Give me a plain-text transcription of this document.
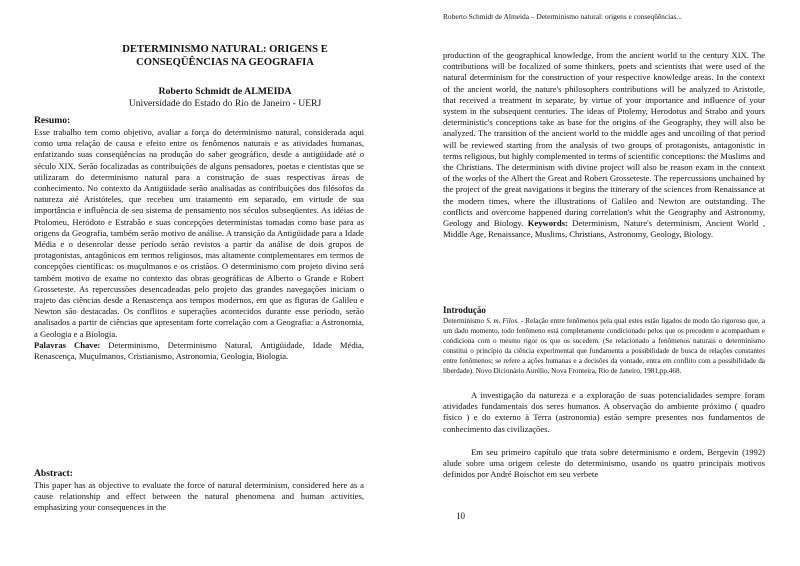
DETERMINISMO NATURAL: ORIGENS E CONSEQÜÊNCIAS NA GEOGRAFIA

Roberto Schmidt de ALMEIDA
Universidade do Estado do Rio de Janeiro - UERJ
Resumo:

Esse trabalho tem como objetivo, avaliar a força do determinismo natural, considerada aqui como uma relação de causa e efeito entre os fenômenos naturais e as atividades humanas, enfatizando suas conseqüências na produção do saber geográfico, desde a antigüidade até o século XIX. Serão focalizadas as contribuições de alguns pensadores, poetas e cientistas que se utilizaram do determinismo natural para a construção de suas respectivas áreas de conhecimento. No contexto da Antigüidade serão analisadas as contribuições dos filósofos da natureza até Aristóteles, que recebeu um tratamento em separado, em virtude de sua importância e influência de seu sistema de pensamento nos séculos subseqüentes. As idéias de Ptolomeu, Heródoto e Estrabão e suas concepções deterministas tomadas como base para as origens da Geografia, também serão motivo de análise. A transição da Antigüidade para a Idade Média e o desenrolar desse período serão revistos a partir da análise de dois grupos de protagonistas, antagônicos em termos religiosos, mas altamente complementares em termos de concepções científicas: os muçulmanos e os cristãos. O determinismo com projeto divino será também motivo de exame no contexto das obras geográficas de Alberto o Grande e Robert Grosseteste. As repercussões desencadeadas pelo projeto das grandes navegações iniciam o trajeto das ciências desde a Renascença aos tempos modernos, em que as figuras de Galileu e Newton são destacadas. Os conflitos e superações acontecidos durante esse período, serão analisados a partir de ciências que apresentam forte correlação com a Geografia: a Astronomia, a Geologia e a Biologia.
Palavras Chave: Determinismo, Determinismo Natural, Antigüidade, Idade Média, Renascença, Muçulmanos, Cristianismo, Astronomia, Geologia, Biologia.

Abstract:

This paper has as objective to evaluate the force of natural determinism, considered here as a cause relationship and effect between the natural phenomena and human activities, emphasizing your consequences in the

Roberto Schmidt de Almeida – Determinismo natural: origens e conseqüências...

production of the geographical knowledge, from the ancient world to the century XIX. The contributions will be focalized of some thinkers, poets and scientists that were used of the natural determinism for the construction of your respective knowledge areas. In the context of the ancient world, the nature's philosophers contributions will be analyzed to Aristotle, that received a treatment in separate, by virtue of your importance and influence of your system in the subsequent centuries. The ideas of Ptolemy, Herodotus and Strabo and yours deterministic's conceptions take as base for the origins of the Geography, they will also be analyzed. The transition of the ancient world to the middle ages and uncoiling of that period will be reviewed starting from the analysis of two groups of protagonists, antagonistic in terms religious, but highly complemented in terms of scientific conceptions: the Muslims and the Christians. The determinism with divine project will also be reason exam in the context of the works of the Albert the Great and Robert Grosseteste. The repercussions unchained by the project of the great navigations it begins the itinerary of the sciences from Renaissance at the modern times, where the illustrations of Galileo and Newton are outstanding. The conflicts and overcome happened during correlation's whit the Geography and Astronomy, Geology and Biology. Keywords: Determinism, Nature's determinism, Ancient World , Middle Age, Renaissance, Muslims, Christians, Astronomy, Geology, Biology.

Introdução

Determinismo S. m. Filos. - Relação entre fenômenos pela qual estes estão ligados de modo tão rigoroso que, a um dado momento, todo fenômeno está completamente condicionado pelos que os precedem e acompanham e condiciona com o mesmo rigor os que os sucedem. (Se relacionado a fenômenos naturais o determinismo constitui o princípio da ciência experimental que fundamenta a possibilidade de busca de relações constantes entre fenômenos; se refere a ações humanas e a decisões da vontade, entra em conflito com a possibilidade da liberdade). Novo Dicionário Aurélio, Nova Fronteira, Rio de Janeiro, 1981,pp.468.

A investigação da natureza e a exploração de suas potencialidades sempre foram atividades fundamentais dos seres humanos. A observação do ambiente próximo ( quadro físico ) e do externo à Terra (astronomia) estão sempre presentes nos fundamentos de conhecimento das civilizações.

Em seu primeiro capítulo que trata sobre determinismo e ordem, Bergevin (1992) alude sobre uma origem celeste do determinismo, usando os quatro principais motivos definidos por André Boischot em seu verbete

10
